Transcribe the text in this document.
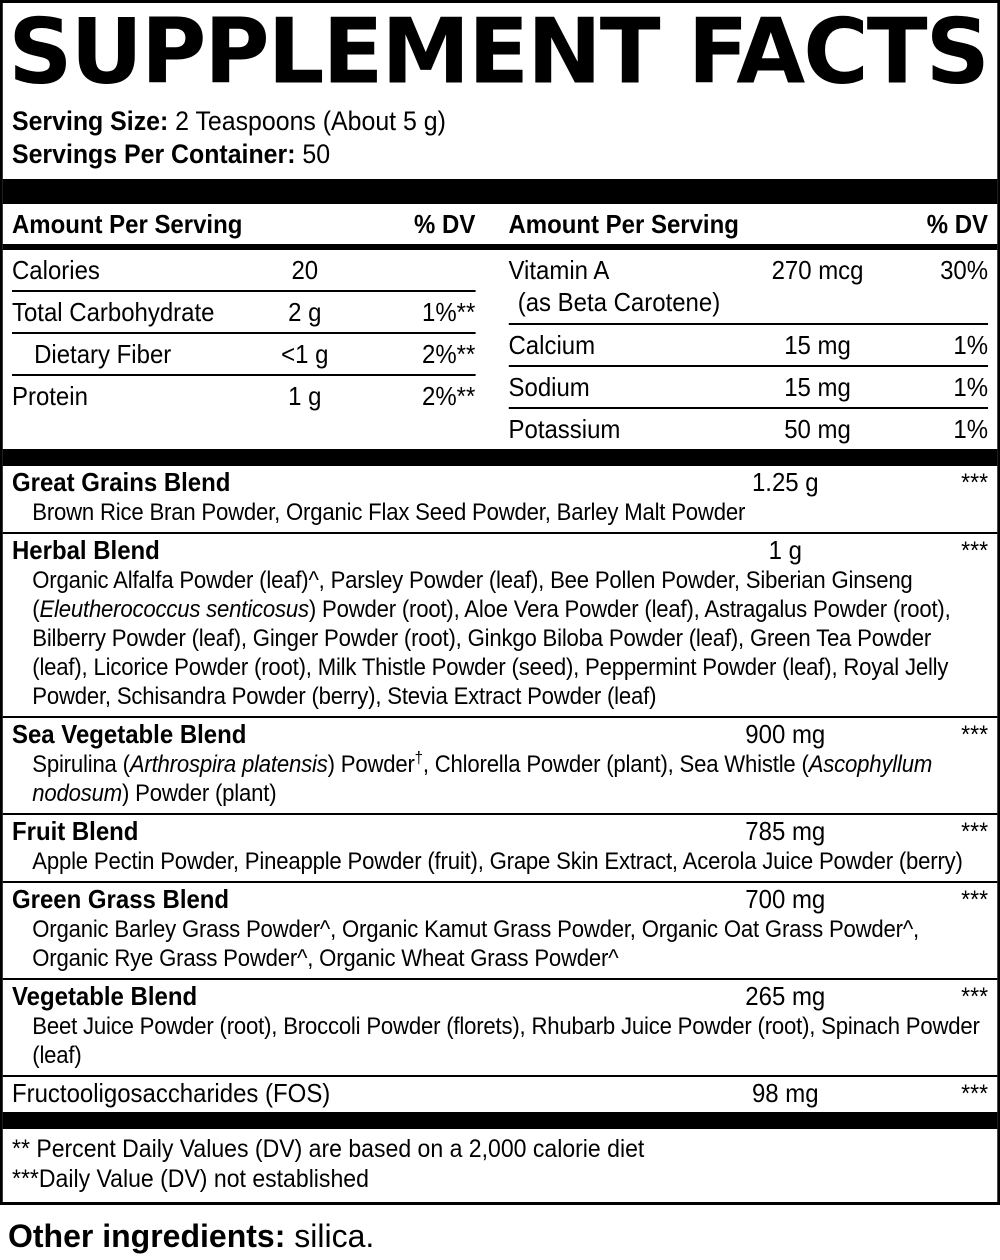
SUPPLEMENT FACTS
Serving Size: 2 Teaspoons (About 5 g)
Servings Per Container: 50
Amount Per Serving	% DV Amount Per Serving	% DV
Calories	20
Total Carbohydrate	2 g	1%**
Dietary Fiber	<1 g	2%**
Protein	1 g	2%**
Vitamin A	270 mcg	30%
(as Beta Carotene)
Calcium	15 mg	1%
Sodium	15 mg	1%
Potassium	50 mg	1%
Great Grains Blend	1.25 g	***
Brown Rice Bran Powder, Organic Flax Seed Powder, Barley Malt Powder
Herbal Blend	1 g	***
Organic Alfalfa Powder (leaf)^, Parsley Powder (leaf), Bee Pollen Powder, Siberian Ginseng (Eleutherococcus senticosus) Powder (root), Aloe Vera Powder (leaf), Astragalus Powder (root), Bilberry Powder (leaf), Ginger Powder (root), Ginkgo Biloba Powder (leaf), Green Tea Powder (leaf), Licorice Powder (root), Milk Thistle Powder (seed), Peppermint Powder (leaf), Royal Jelly Powder, Schisandra Powder (berry), Stevia Extract Powder (leaf)
Sea Vegetable Blend	900 mg	***
Spirulina (Arthrospira platensis) Powder†, Chlorella Powder (plant), Sea Whistle (Ascophyllum nodosum) Powder (plant)
Fruit Blend	785 mg	***
Apple Pectin Powder, Pineapple Powder (fruit), Grape Skin Extract, Acerola Juice Powder (berry)
Green Grass Blend	700 mg	***
Organic Barley Grass Powder^, Organic Kamut Grass Powder, Organic Oat Grass Powder^, Organic Rye Grass Powder^, Organic Wheat Grass Powder^
Vegetable Blend	265 mg	***
Beet Juice Powder (root), Broccoli Powder (florets), Rhubarb Juice Powder (root), Spinach Powder (leaf)
Fructooligosaccharides (FOS)	98 mg	***
** Percent Daily Values (DV) are based on a 2,000 calorie diet
***Daily Value (DV) not established

Other ingredients: silica.
